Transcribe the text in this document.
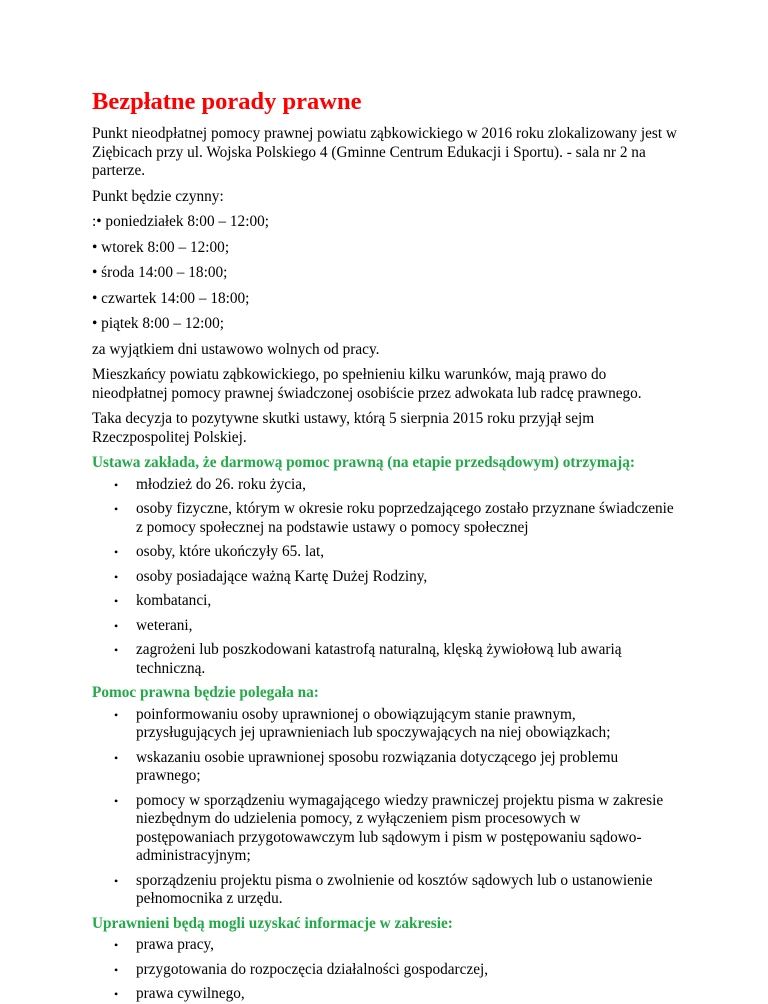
Bezpłatne porady prawne

Punkt nieodpłatnej pomocy prawnej powiatu ząbkowickiego w 2016 roku zlokalizowany jest w Ziębicach przy ul. Wojska Polskiego 4 (Gminne Centrum Edukacji i Sportu). - sala nr 2 na parterze.

Punkt będzie czynny:

:• poniedziałek 8:00 – 12:00;

• wtorek 8:00 – 12:00;

• środa 14:00 – 18:00;

• czwartek 14:00 – 18:00;

• piątek 8:00 – 12:00;

za wyjątkiem dni ustawowo wolnych od pracy.

Mieszkańcy powiatu ząbkowickiego, po spełnieniu kilku warunków, mają prawo do nieodpłatnej pomocy prawnej świadczonej osobiście przez adwokata lub radcę prawnego.

Taka decyzja to pozytywne skutki ustawy, którą 5 sierpnia 2015 roku przyjął sejm Rzeczpospolitej Polskiej.

Ustawa zakłada, że darmową pomoc prawną (na etapie przedsądowym) otrzymają:

• młodzież do 26. roku życia,
• osoby fizyczne, którym w okresie roku poprzedzającego zostało przyznane świadczenie z pomocy społecznej na podstawie ustawy o pomocy społecznej
• osoby, które ukończyły 65. lat,
• osoby posiadające ważną Kartę Dużej Rodziny,
• kombatanci,
• weterani,
• zagrożeni lub poszkodowani katastrofą naturalną, klęską żywiołową lub awarią techniczną.

Pomoc prawna będzie polegała na:

• poinformowaniu osoby uprawnionej o obowiązującym stanie prawnym, przysługujących jej uprawnieniach lub spoczywających na niej obowiązkach;
• wskazaniu osobie uprawnionej sposobu rozwiązania dotyczącego jej problemu prawnego;
• pomocy w sporządzeniu wymagającego wiedzy prawniczej projektu pisma w zakresie niezbędnym do udzielenia pomocy, z wyłączeniem pism procesowych w postępowaniach przygotowawczym lub sądowym i pism w postępowaniu sądowo-administracyjnym;
• sporządzeniu projektu pisma o zwolnienie od kosztów sądowych lub o ustanowienie pełnomocnika z urzędu.

Uprawnieni będą mogli uzyskać informacje w zakresie:

• prawa pracy,
• przygotowania do rozpoczęcia działalności gospodarczej,
• prawa cywilnego,
